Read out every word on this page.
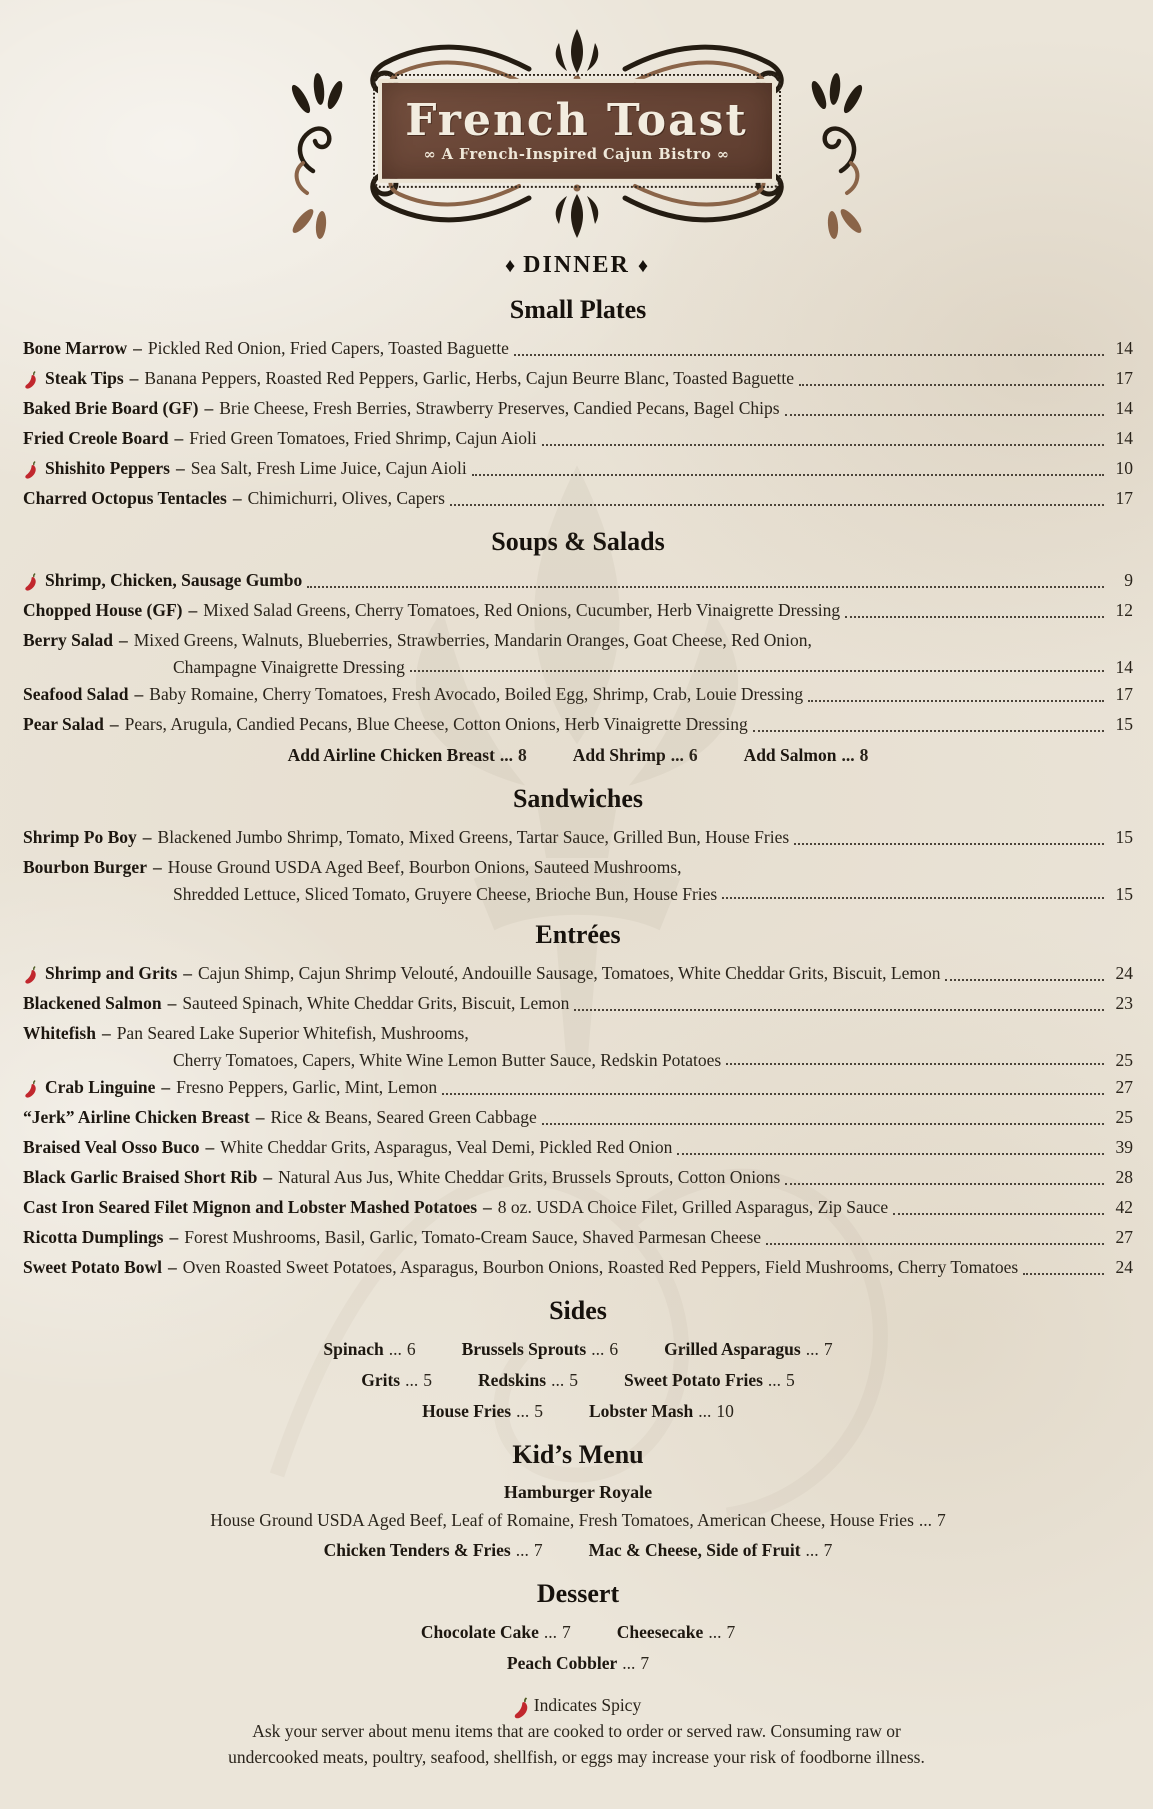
French Toast
∞ A French-Inspired Cajun Bistro ∞
♦ DINNER ♦
Small Plates
Bone Marrow – Pickled Red Onion, Fried Capers, Toasted Baguette	14
Steak Tips – Banana Peppers, Roasted Red Peppers, Garlic, Herbs, Cajun Beurre Blanc, Toasted Baguette	17
Baked Brie Board (GF) – Brie Cheese, Fresh Berries, Strawberry Preserves, Candied Pecans, Bagel Chips	14
Fried Creole Board – Fried Green Tomatoes, Fried Shrimp, Cajun Aioli	14
Shishito Peppers – Sea Salt, Fresh Lime Juice, Cajun Aioli	10
Charred Octopus Tentacles – Chimichurri, Olives, Capers	17
Soups & Salads
Shrimp, Chicken, Sausage Gumbo	9
Chopped House (GF) – Mixed Salad Greens, Cherry Tomatoes, Red Onions, Cucumber, Herb Vinaigrette Dressing	12
Berry Salad – Mixed Greens, Walnuts, Blueberries, Strawberries, Mandarin Oranges, Goat Cheese, Red Onion,
Champagne Vinaigrette Dressing	14
Seafood Salad – Baby Romaine, Cherry Tomatoes, Fresh Avocado, Boiled Egg, Shrimp, Crab, Louie Dressing	17
Pear Salad – Pears, Arugula, Candied Pecans, Blue Cheese, Cotton Onions, Herb Vinaigrette Dressing	15
Add Airline Chicken Breast ... 8	Add Shrimp ... 6	Add Salmon ... 8
Sandwiches
Shrimp Po Boy – Blackened Jumbo Shrimp, Tomato, Mixed Greens, Tartar Sauce, Grilled Bun, House Fries	15
Bourbon Burger – House Ground USDA Aged Beef, Bourbon Onions, Sauteed Mushrooms,
Shredded Lettuce, Sliced Tomato, Gruyere Cheese, Brioche Bun, House Fries	15
Entrées
Shrimp and Grits – Cajun Shimp, Cajun Shrimp Velouté, Andouille Sausage, Tomatoes, White Cheddar Grits, Biscuit, Lemon	24
Blackened Salmon – Sauteed Spinach, White Cheddar Grits, Biscuit, Lemon	23
Whitefish – Pan Seared Lake Superior Whitefish, Mushrooms,
Cherry Tomatoes, Capers, White Wine Lemon Butter Sauce, Redskin Potatoes	25
Crab Linguine – Fresno Peppers, Garlic, Mint, Lemon	27
“Jerk” Airline Chicken Breast – Rice & Beans, Seared Green Cabbage	25
Braised Veal Osso Buco – White Cheddar Grits, Asparagus, Veal Demi, Pickled Red Onion	39
Black Garlic Braised Short Rib – Natural Aus Jus, White Cheddar Grits, Brussels Sprouts, Cotton Onions	28
Cast Iron Seared Filet Mignon and Lobster Mashed Potatoes – 8 oz. USDA Choice Filet, Grilled Asparagus, Zip Sauce	42
Ricotta Dumplings – Forest Mushrooms, Basil, Garlic, Tomato-Cream Sauce, Shaved Parmesan Cheese	27
Sweet Potato Bowl – Oven Roasted Sweet Potatoes, Asparagus, Bourbon Onions, Roasted Red Peppers, Field Mushrooms, Cherry Tomatoes	24
Sides
Spinach ... 6	Brussels Sprouts ... 6	Grilled Asparagus ... 7
Grits ... 5	Redskins ... 5	Sweet Potato Fries ... 5
House Fries ... 5	Lobster Mash ... 10
Kid’s Menu
Hamburger Royale
House Ground USDA Aged Beef, Leaf of Romaine, Fresh Tomatoes, American Cheese, House Fries ... 7
Chicken Tenders & Fries ... 7	Mac & Cheese, Side of Fruit ... 7
Dessert
Chocolate Cake ... 7	Cheesecake ... 7
Peach Cobbler ... 7
Indicates Spicy
Ask your server about menu items that are cooked to order or served raw. Consuming raw or
undercooked meats, poultry, seafood, shellfish, or eggs may increase your risk of foodborne illness.
